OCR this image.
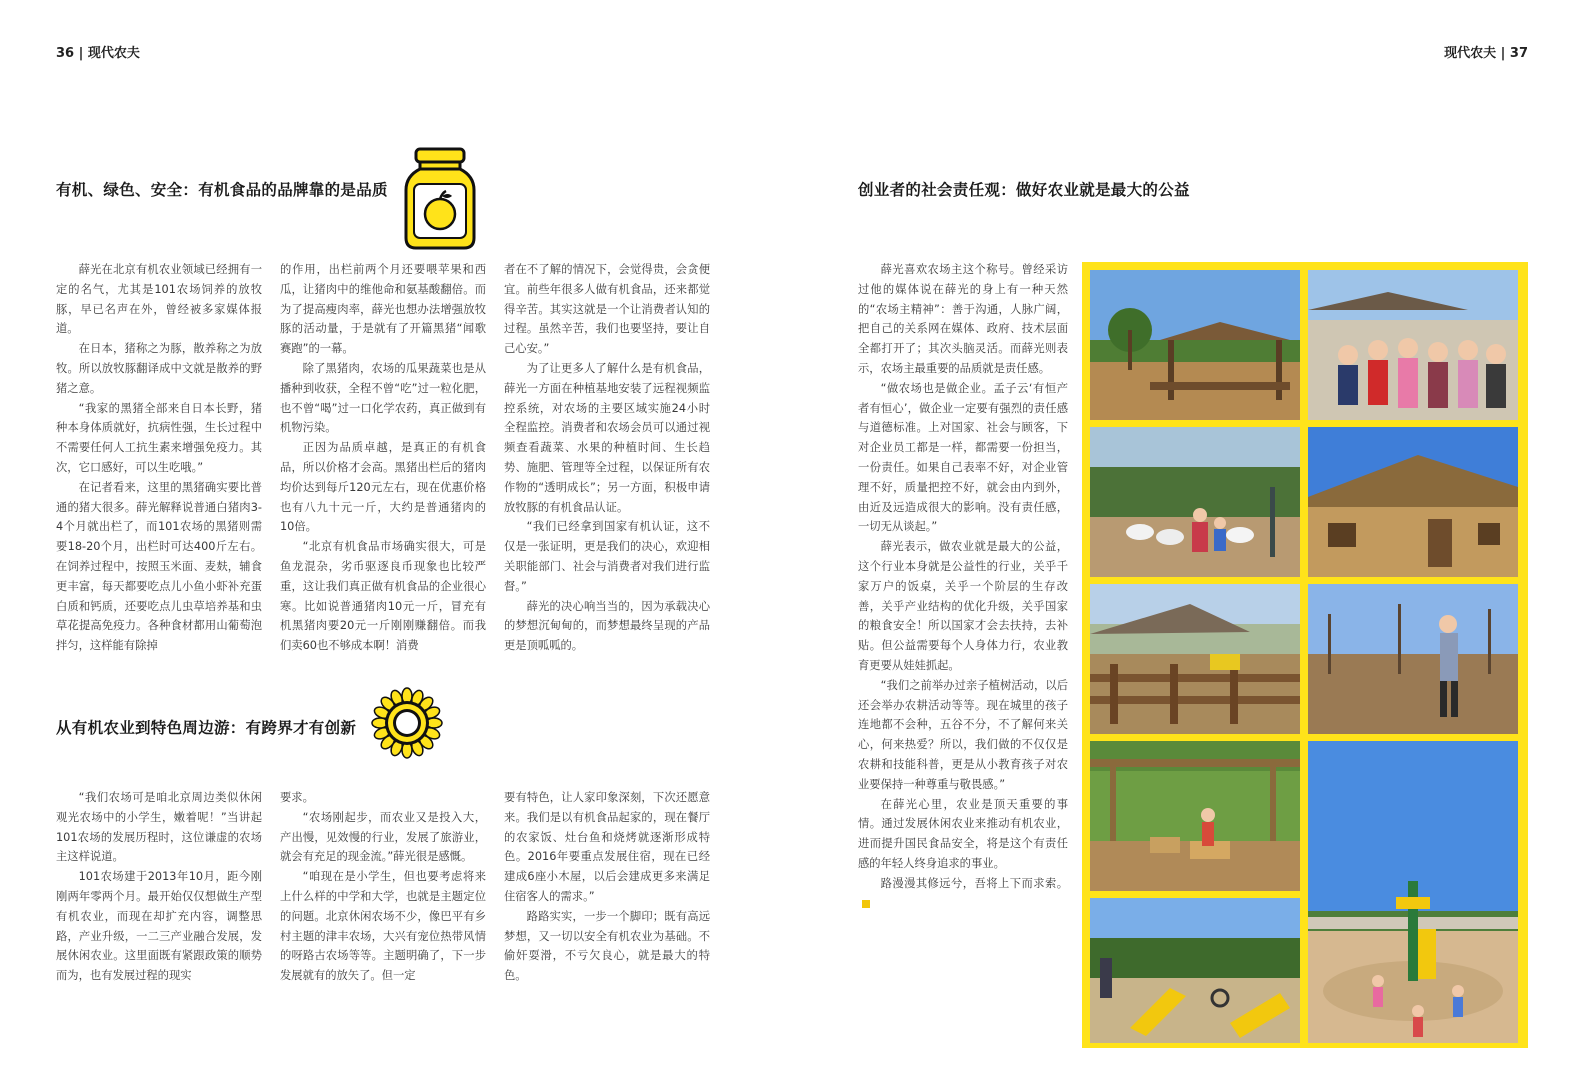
36 | 现代农夫	现代农夫 | 37
有机、绿色、安全：有机食品的品牌靠的是品质

薛光在北京有机农业领域已经拥有一定的名气，尤其是101农场饲养的放牧豚，早已名声在外，曾经被多家媒体报道。

在日本，猪称之为豚，散养称之为放牧。所以放牧豚翻译成中文就是散养的野猪之意。

“我家的黑猪全部来自日本长野，猪种本身体质就好，抗病性强，生长过程中不需要任何人工抗生素来增强免疫力。其次，它口感好，可以生吃哦。”

在记者看来，这里的黑猪确实要比普通的猪大很多。薛光解释说普通白猪肉3-4个月就出栏了，而101农场的黑猪则需要18-20个月，出栏时可达400斤左右。在饲养过程中，按照玉米面、麦麸，辅食更丰富，每天都要吃点儿小鱼小虾补充蛋白质和钙质，还要吃点儿虫草培养基和虫草花提高免疫力。各种食材都用山葡萄泡拌匀，这样能有除掉

的作用，出栏前两个月还要喂苹果和西瓜，让猪肉中的维他命和氨基酸翻倍。而为了提高瘦肉率，薛光也想办法增强放牧豚的活动量，于是就有了开篇黑猪“闻歌赛跑”的一幕。

除了黑猪肉，农场的瓜果蔬菜也是从播种到收获，全程不曾“吃”过一粒化肥，也不曾“喝”过一口化学农药，真正做到有机物污染。

正因为品质卓越，是真正的有机食品，所以价格才会高。黑猪出栏后的猪肉均价达到每斤120元左右，现在优惠价格也有八九十元一斤，大约是普通猪肉的10倍。

“北京有机食品市场确实很大，可是鱼龙混杂，劣币驱逐良币现象也比较严重，这让我们真正做有机食品的企业很心寒。比如说普通猪肉10元一斤，冒充有机黑猪肉要20元一斤刚刚赚翻倍。而我们卖60也不够成本啊！消费

者在不了解的情况下，会觉得贵，会贪便宜。前些年很多人做有机食品，还来都觉得辛苦。其实这就是一个让消费者认知的过程。虽然辛苦，我们也要坚持，要让自己心安。”

为了让更多人了解什么是有机食品，薛光一方面在种植基地安装了远程视频监控系统，对农场的主要区域实施24小时全程监控。消费者和农场会员可以通过视频查看蔬菜、水果的种植时间、生长趋势、施肥、管理等全过程，以保证所有农作物的“透明成长”；另一方面，积极申请放牧豚的有机食品认证。

“我们已经拿到国家有机认证，这不仅是一张证明，更是我们的决心，欢迎相关职能部门、社会与消费者对我们进行监督。”

薛光的决心响当当的，因为承载决心的梦想沉甸甸的，而梦想最终呈现的产品更是顶呱呱的。

从有机农业到特色周边游：有跨界才有创新

“我们农场可是咱北京周边类似休闲观光农场中的小学生，嫩着呢！”当讲起101农场的发展历程时，这位谦虚的农场主这样说道。

101农场建于2013年10月，距今刚刚两年零两个月。最开始仅仅想做生产型有机农业，而现在却扩充内容，调整思路，产业升级，一二三产业融合发展，发展休闲农业。这里面既有紧跟政策的顺势而为，也有发展过程的现实

要求。

“农场刚起步，而农业又是投入大，产出慢，见效慢的行业，发展了旅游业，就会有充足的现金流。”薛光很是感慨。

“咱现在是小学生，但也要考虑将来上什么样的中学和大学，也就是主题定位的问题。北京休闲农场不少，像巴平有乡村主题的津丰农场，大兴有宠位热带风情的呀路古农场等等。主题明确了，下一步发展就有的放矢了。但一定

要有特色，让人家印象深刻，下次还愿意来。我们是以有机食品起家的，现在餐厅的农家饭、灶台鱼和烧烤就逐渐形成特色。2016年要重点发展住宿，现在已经建成6座小木屋，以后会建成更多来满足住宿客人的需求。”

路路实实，一步一个脚印；既有高远梦想，又一切以安全有机农业为基础。不偷奸耍滑，不亏欠良心，就是最大的特色。

创业者的社会责任观：做好农业就是最大的公益

薛光喜欢农场主这个称号。曾经采访过他的媒体说在薛光的身上有一种天然的“农场主精神”：善于沟通，人脉广阔，把自己的关系网在媒体、政府、技术层面全都打开了；其次头脑灵活。而薛光则表示，农场主最重要的品质就是责任感。

“做农场也是做企业。孟子云‘有恒产者有恒心’，做企业一定要有强烈的责任感与道德标准。上对国家、社会与顾客，下对企业员工都是一样，都需要一份担当，一份责任。如果自己表率不好，对企业管理不好，质量把控不好，就会由内到外，由近及远造成很大的影响。没有责任感，一切无从谈起。”

薛光表示，做农业就是最大的公益，这个行业本身就是公益性的行业，关乎千家万户的饭桌，关乎一个阶层的生存改善，关乎产业结构的优化升级，关乎国家的粮食安全！所以国家才会去扶持，去补贴。但公益需要每个人身体力行，农业教育更要从娃娃抓起。

“我们之前举办过亲子植树活动，以后还会举办农耕活动等等。现在城里的孩子连地都不会种，五谷不分，不了解何来关心，何来热爱？所以，我们做的不仅仅是农耕和技能科普，更是从小教育孩子对农业要保持一种尊重与敬畏感。”

在薛光心里，农业是顶天重要的事情。通过发展休闲农业来推动有机农业，进而提升国民食品安全，将是这个有责任感的年轻人终身追求的事业。

路漫漫其修远兮，吾将上下而求索。
